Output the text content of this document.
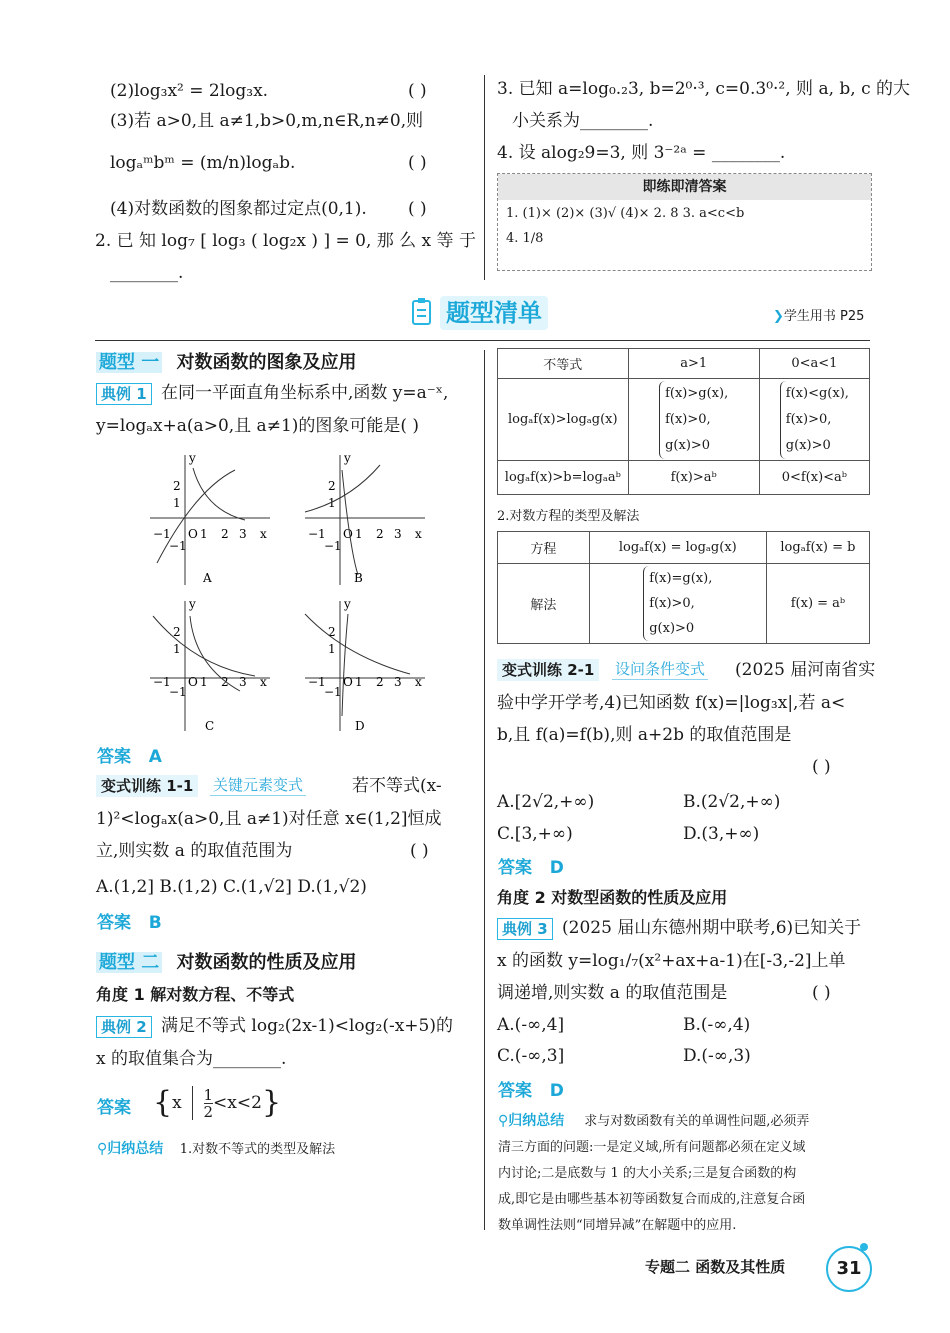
(2)log₃x² = 2log₃x.	( )
(3)若 a>0,且 a≠1,b>0,m,n∈R,n≠0,则
logₐᵐbᵐ = (m/n)logₐb.	( )
(4)对数函数的图象都过定点(0,1). ( )
2. 已 知 log₇ [ log₃ ( log₂x ) ] = 0, 那 么 x 等 于
________.
3. 已知 a=log₀.₂3, b=2⁰·³, c=0.3⁰·², 则 a, b, c 的大
小关系为________.
4. 设 alog₂9=3, 则 3⁻²ᵃ = ________.
即练即清答案
1. (1)× (2)× (3)√ (4)× 2. 8 3. a<c<b
4. 1/8
题型清单	❯学生用书 P25
题型 一 对数函数的图象及应用
典例 1 在同一平面直角坐标系中,函数 y=a⁻ˣ,
y=logₐx+a(a>0,且 a≠1)的图象可能是( )
y
x
O
−1 1 2 3
2
1
−1
A
y
x
O
−1 1 2 3
2
1
−1
B
y
x
O
−1 1 2 3
2
1
−1
C
y
x
O
−1 1 2 3
2
1
−1
D
答案 A
变式训练 1-1	关键元素变式	若不等式(x-
1)²<logₐx(a>0,且 a≠1)对任意 x∈(1,2]恒成
立,则实数 a 的取值范围为	( )
A.(1,2] B.(1,2) C.(1,√2] D.(1,√2)
答案 B
题型 二 对数函数的性质及应用
角度 1 解对数方程、不等式
典例 2 满足不等式 log₂(2x-1)<log₂(-x+5)的
x 的取值集合为________.
答案 $\{x \frac{1}{2} <x<2\}$
⚲归纳总结 1.对数不等式的类型及解法
不等式	a>1	0<a<1
logₐf(x)>logₐg(x)	f(x)>g(x),
f(x)>0,
g(x)>0	f(x)<g(x),
f(x)>0,
g(x)>0

logₐf(x)>b=logₐaᵇ	f(x)>aᵇ	0<f(x)<aᵇ
2.对数方程的类型及解法
方程	logₐf(x) = logₐg(x)	logₐf(x) = b
解法	f(x)=g(x),
f(x)>0,
g(x)>0	f(x) = aᵇ
变式训练 2-1	设问条件变式 (2025 届河南省实
验中学开学考,4)已知函数 f(x)=|log₃x|,若 a<
b,且 f(a)=f(b),则 a+2b 的取值范围是
( )
A.[2√2,+∞)	B.(2√2,+∞)
C.[3,+∞)	D.(3,+∞)
答案 D
角度 2 对数型函数的性质及应用
典例 3 (2025 届山东德州期中联考,6)已知关于
x 的函数 y=log₁/₇(x²+ax+a-1)在[-3,-2]上单
调递增,则实数 a 的取值范围是	( )
A.(-∞,4]	B.(-∞,4)
C.(-∞,3]	D.(-∞,3)
答案 D
⚲归纳总结 求与对数函数有关的单调性问题,必须弄
清三方面的问题:一是定义域,所有问题都必须在定义域
内讨论;二是底数与 1 的大小关系;三是复合函数的构
成,即它是由哪些基本初等函数复合而成的,注意复合函
数单调性法则“同增异减”在解题中的应用.
专题二 函数及其性质	31
